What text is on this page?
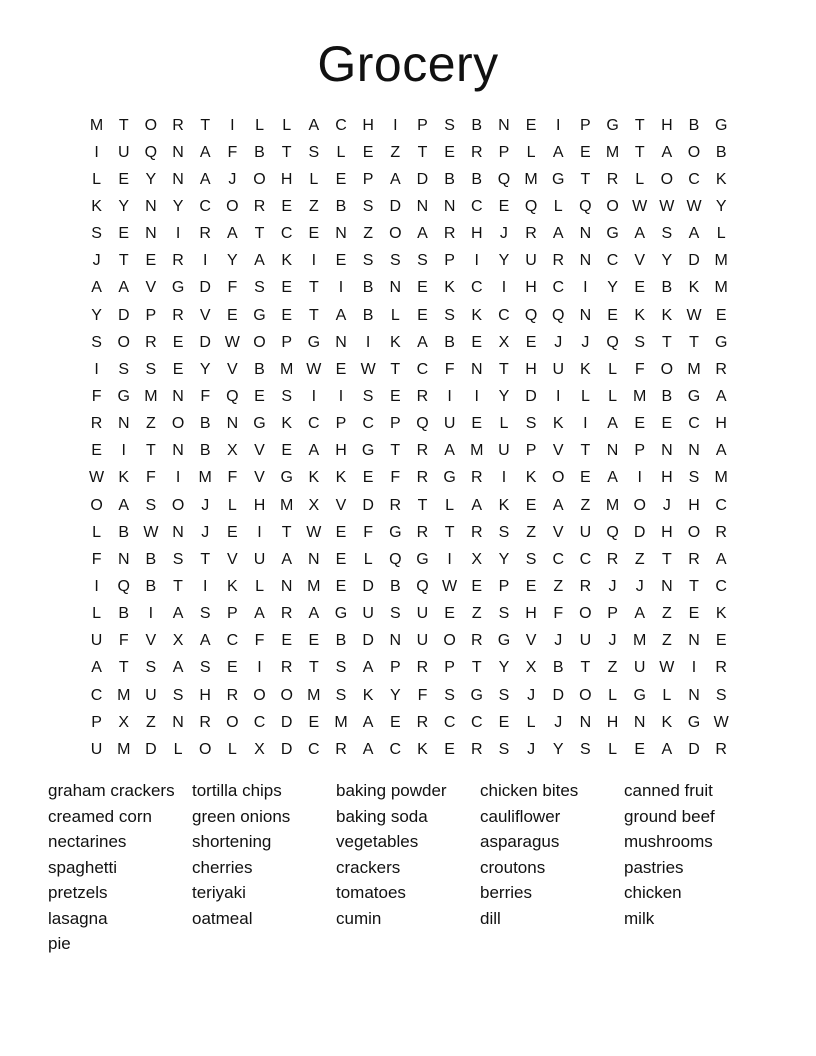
Grocery
M T	O R	T	I	L	L	A	C H	I	P	S	B	N	E	I	P G	T	H	B G
I	U Q N	A	F	B	T	S	L	E	Z	T	E	R	P	L	A	E M T	A O B
L	E	Y	N	A	J	O H	L	E	P	A	D	B	B Q M G	T	R	L	O C	K
K	Y	N	Y	C O R	E	Z	B	S	D N N C	E Q	L	Q O W W W Y
S	E	N	I	R	A	T	C	E	N	Z	O A	R H	J	R	A	N G A	S	A	L
J	T	E	R	I	Y	A	K	I	E	S	S	S	P	I	Y	U R N C	V	Y	D M
A	A	V G D	F	S	E	T	I	B	N	E	K	C	I	H C	I	Y	E	B	K M
Y	D	P	R	V	E G E	T	A	B	L	E	S	K	C Q Q N	E	K	K W E
S O R	E	D W O P G N	I	K	A	B	E	X	E	J	J	Q S	T	T	G
I	S	S	E	Y	V	B M W E W T	C	F	N	T	H U	K	L	F	O M R
F	G M N	F	Q E	S	I	I	S	E	R	I	I	Y	D	I	L	L	M B G A
R N	Z	O B	N G K	C	P	C	P Q U	E	L	S	K	I	A	E	E	C H
E	I	T	N	B	X	V	E	A	H G	T	R	A M U	P	V	T	N	P	N N	A
W K	F	I	M F	V G K	K	E	F	R G R	I	K O E	A	I	H	S M
O A	S O	J	L	H M X	V	D R	T	L	A	K	E	A	Z M O	J	H C
L	B W N	J	E	I	T W E	F	G R	T	R	S	Z	V	U Q D H O R
F	N	B	S	T	V	U	A	N	E	L	Q G	I	X	Y	S	C C R	Z	T	R	A
I	Q B	T	I	K	L	N M E	D	B Q W E	P	E	Z	R	J	J	N	T	C
L	B	I	A	S	P	A	R	A G U	S	U	E	Z	S	H	F	O P	A	Z	E	K
U	F	V	X	A	C	F	E	E	B	D N U O R G V	J	U	J	M Z	N	E
A	T	S	A	S	E	I	R	T	S	A	P	R	P	T	Y	X	B	T	Z	U W	I	R
C M U	S	H R O O M S	K	Y	F	S G S	J	D O	L	G	L	N	S
P	X	Z	N R O C D	E M A	E	R C C	E	L	J	N H N	K G W
U M D	L	O	L	X	D C R	A	C	K	E	R	S	J	Y	S	L	E	A	D R
graham crackers	tortilla chips	baking powder	chicken bites	canned fruit
creamed corn	green onions	baking soda	cauliflower	ground beef
nectarines	shortening	vegetables	asparagus	mushrooms
spaghetti	cherries	crackers	croutons	pastries
pretzels	teriyaki	tomatoes	berries	chicken
lasagna	oatmeal	cumin	dill	milk
pie
